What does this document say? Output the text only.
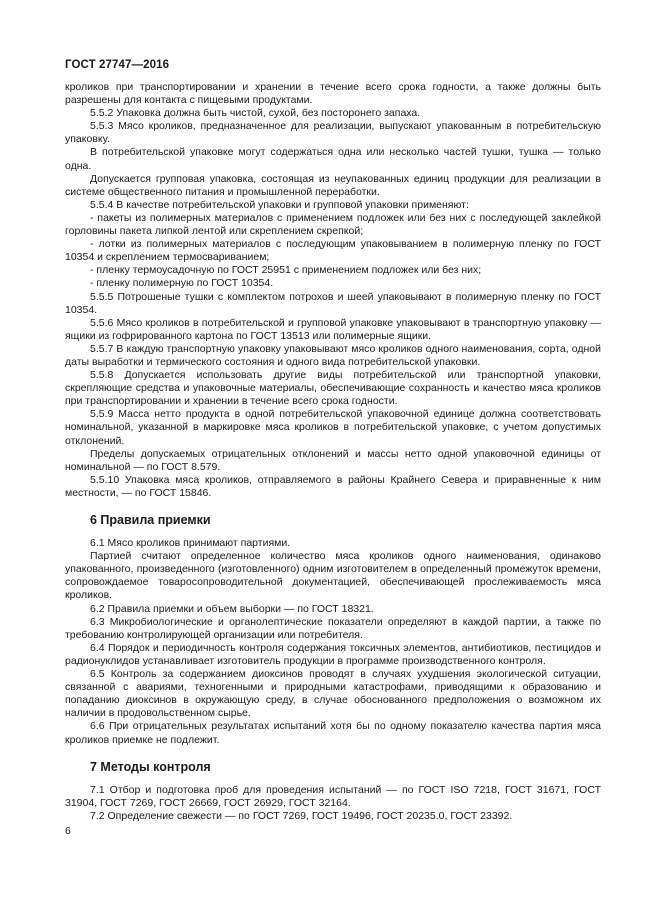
ГОСТ 27747—2016

кроликов при транспортировании и хранении в течение всего срока годности, а также должны быть разрешены для контакта с пищевыми продуктами.

5.5.2 Упаковка должна быть чистой, сухой, без посторонего запаха.

5.5.3 Мясо кроликов, предназначенное для реализации, выпускают упакованным в потребительскую упаковку.

В потребительской упаковке могут содержаться одна или несколько частей тушки, тушка — только одна.

Допускается групповая упаковка, состоящая из неупакованных единиц продукции для реализации в системе общественного питания и промышленной переработки.

5.5.4 В качестве потребительской упаковки и групповой упаковки применяют:

- пакеты из полимерных материалов с применением подложек или без них с последующей заклейкой горловины пакета липкой лентой или скреплением скрепкой;

- лотки из полимерных материалов с последующим упаковыванием в полимерную пленку по ГОСТ 10354 и скреплением термосвариванием;

- пленку термоусадочную по ГОСТ 25951 с применением подложек или без них;

- пленку полимерную по ГОСТ 10354.

5.5.5 Потрошеные тушки с комплектом потрохов и шеей упаковывают в полимерную пленку по ГОСТ 10354.

5.5.6 Мясо кроликов в потребительской и групповой упаковке упаковывают в транспортную упаковку — ящики из гофрированного картона по ГОСТ 13513 или полимерные ящики.

5.5.7 В каждую транспортную упаковку упаковывают мясо кроликов одного наименования, сорта, одной даты выработки и термического состояния и одного вида потребительской упаковки.

5.5.8 Допускается использовать другие виды потребительской или транспортной упаковки, скрепляющие средства и упаковочные материалы, обеспечивающие сохранность и качество мяса кроликов при транспортировании и хранении в течение всего срока годности.

5.5.9 Масса нетто продукта в одной потребительской упаковочной единице должна соответствовать номинальной, указанной в маркировке мяса кроликов в потребительской упаковке, с учетом допустимых отклонений.

Пределы допускаемых отрицательных отклонений и массы нетто одной упаковочной единицы от номинальной — по ГОСТ 8.579.

5.5.10 Упаковка мяса кроликов, отправляемого в районы Крайнего Севера и приравненные к ним местности, — по ГОСТ 15846.

6 Правила приемки

6.1 Мясо кроликов принимают партиями.

Партией считают определенное количество мяса кроликов одного наименования, одинаково упакованного, произведенного (изготовленного) одним изготовителем в определенный промежуток времени, сопровождаемое товаросопроводительной документацией, обеспечивающей прослеживаемость мяса кроликов.

6.2 Правила приемки и объем выборки — по ГОСТ 18321.

6.3 Микробиологические и органолептические показатели определяют в каждой партии, а также по требованию контролирующей организации или потребителя.

6.4 Порядок и периодичность контроля содержания токсичных элементов, антибиотиков, пестицидов и радионуклидов устанавливает изготовитель продукции в программе производственного контроля.

6.5 Контроль за содержанием диоксинов проводят в случаях ухудшения экологической ситуации, связанной с авариями, техногенными и природными катастрофами, приводящими к образованию и попаданию диоксинов в окружающую среду, в случае обоснованного предположения о возможном их наличии в продовольственном сырье.

6.6 При отрицательных результатах испытаний хотя бы по одному показателю качества партия мяса кроликов приемке не подлежит.

7 Методы контроля

7.1 Отбор и подготовка проб для проведения испытаний — по ГОСТ ISO 7218, ГОСТ 31671, ГОСТ 31904, ГОСТ 7269, ГОСТ 26669, ГОСТ 26929, ГОСТ 32164.

7.2 Определение свежести — по ГОСТ 7269, ГОСТ 19496, ГОСТ 20235.0, ГОСТ 23392.

6
